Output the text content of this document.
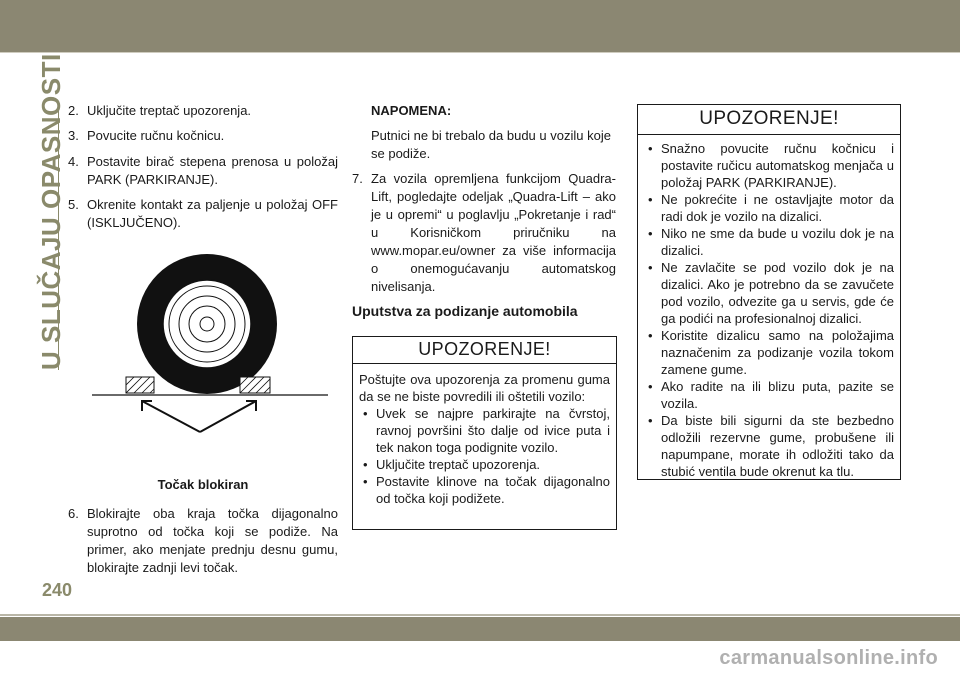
U SLUČAJU OPASNOSTI 2. Uključite treptač upozorenja.
3. Povucite ručnu kočnicu.
4. Postavite birač stepena prenosa u položaj PARK (PARKIRANJE).
5. Okrenite kontakt za paljenje u položaj OFF (ISKLJUČENO).

Točak blokiran

6. Blokirajte oba kraja točka dijagonalno suprotno od točka koji se podiže. Na primer, ako menjate prednju desnu gumu, blokirajte zadnji levi točak.

NAPOMENA:

Putnici ne bi trebalo da budu u vozilu koje se podiže.

7. Za vozila opremljena funkcijom Quadra-Lift, pogledajte odeljak „Quadra-Lift – ako je u opremi“ u poglavlju „Pokretanje i rad“ u Korisničkom priručniku na www.mopar.eu/owner za više informacija o onemogućavanju automatskog nivelisanja.

Uputstva za podizanje automobila

UPOZORENJE!
Poštujte ova upozorenja za promenu guma da se ne biste povredili ili oštetili vozilo:
• Uvek se najpre parkirajte na čvrstoj, ravnoj površini što dalje od ivice puta i tek nakon toga podignite vozilo.
• Uključite treptač upozorenja.
• Postavite klinove na točak dijagonalno od točka koji podižete.
UPOZORENJE!
• Snažno povucite ručnu kočnicu i postavite ručicu automatskog menjača u položaj PARK (PARKIRANJE).
• Ne pokrećite i ne ostavljajte motor da radi dok je vozilo na dizalici.
• Niko ne sme da bude u vozilu dok je na dizalici.
• Ne zavlačite se pod vozilo dok je na dizalici. Ako je potrebno da se zavučete pod vozilo, odvezite ga u servis, gde će ga podići na profesionalnoj dizalici.
• Koristite dizalicu samo na položajima naznačenim za podizanje vozila tokom zamene gume.
• Ako radite na ili blizu puta, pazite se vozila.
• Da biste bili sigurni da ste bezbedno odložili rezervne gume, probušene ili napumpane, morate ih odložiti tako da stubić ventila bude okrenut ka tlu.
240
carmanualsonline.info
